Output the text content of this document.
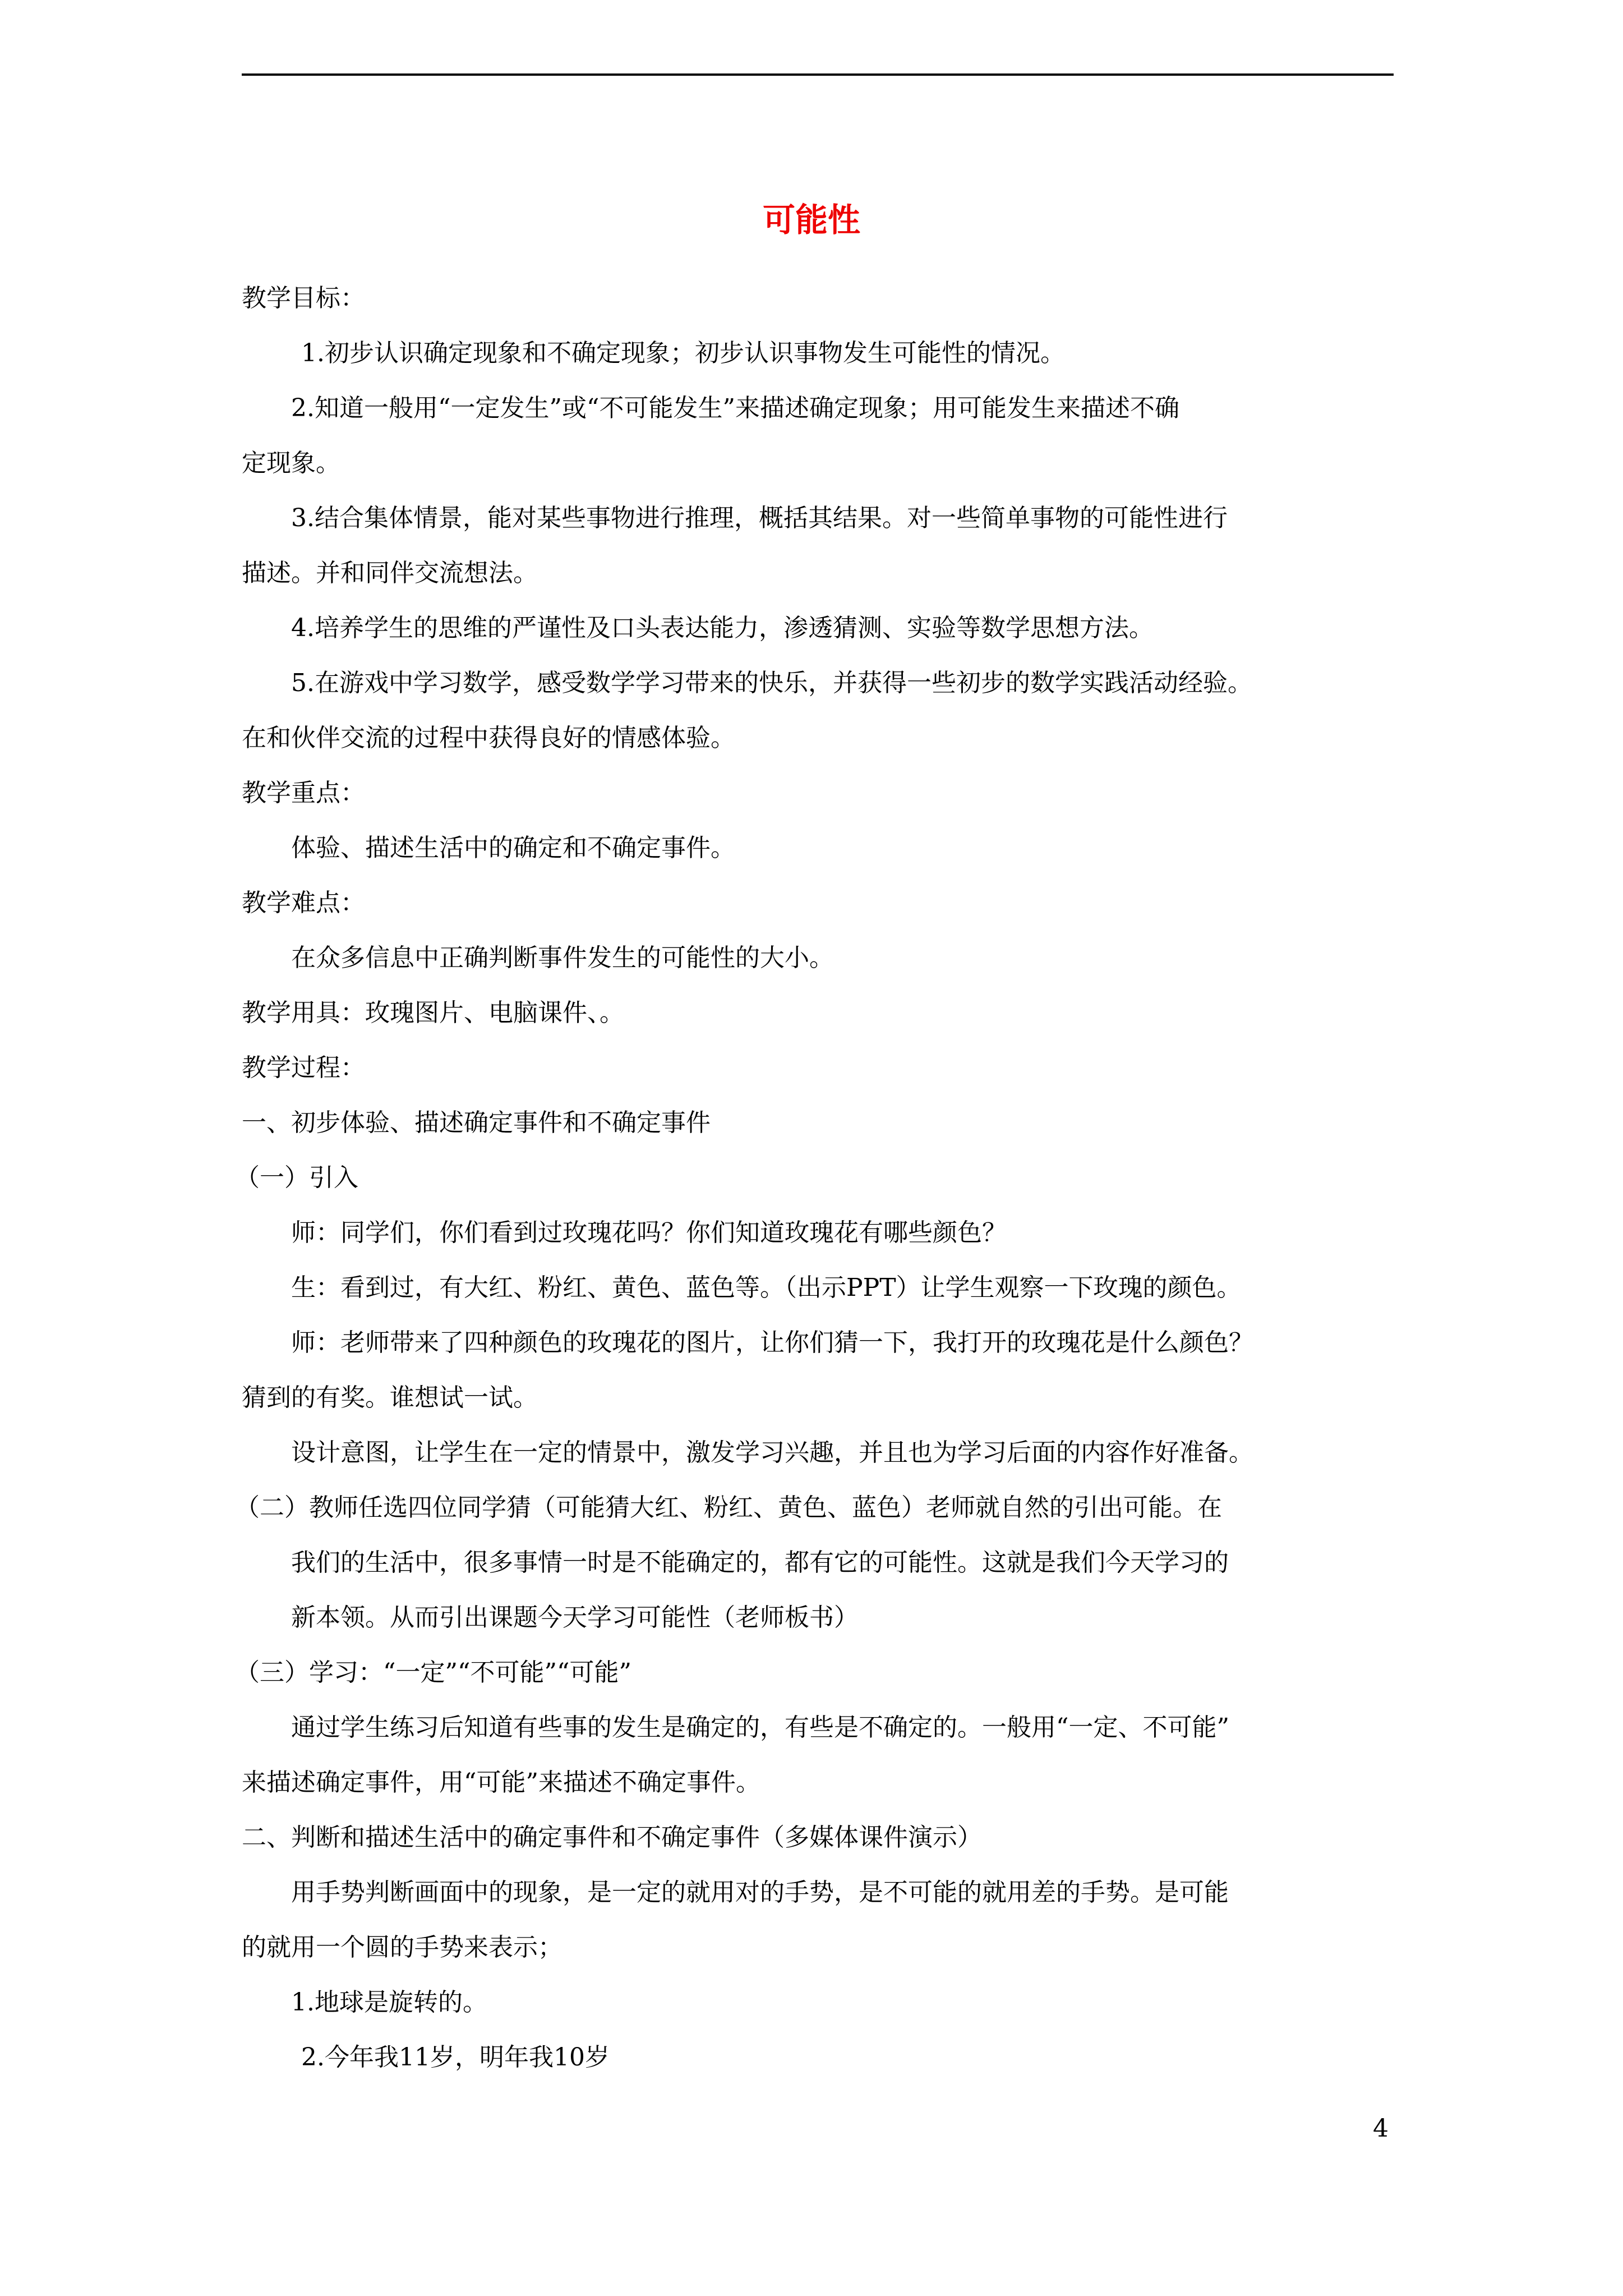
可能性
教学目标：
1.初步认识确定现象和不确定现象；初步认识事物发生可能性的情况。
2.知道一般用“一定发生”或“不可能发生”来描述确定现象；用可能发生来描述不确
定现象。
3.结合集体情景，能对某些事物进行推理，概括其结果。对一些简单事物的可能性进行
描述。并和同伴交流想法。
4.培养学生的思维的严谨性及口头表达能力，渗透猜测、实验等数学思想方法。
5.在游戏中学习数学，感受数学学习带来的快乐，并获得一些初步的数学实践活动经验。
在和伙伴交流的过程中获得良好的情感体验。
教学重点：
体验、描述生活中的确定和不确定事件。
教学难点：
在众多信息中正确判断事件发生的可能性的大小。
教学用具：玫瑰图片、电脑课件、。
教学过程：
一、初步体验、描述确定事件和不确定事件
（一）引入
师：同学们，你们看到过玫瑰花吗？你们知道玫瑰花有哪些颜色？
生：看到过，有大红、粉红、黄色、蓝色等。（出示PPT）让学生观察一下玫瑰的颜色。
师：老师带来了四种颜色的玫瑰花的图片，让你们猜一下，我打开的玫瑰花是什么颜色？
猜到的有奖。谁想试一试。
设计意图，让学生在一定的情景中，激发学习兴趣，并且也为学习后面的内容作好准备。
（二）教师任选四位同学猜（可能猜大红、粉红、黄色、蓝色）老师就自然的引出可能。在
我们的生活中，很多事情一时是不能确定的，都有它的可能性。这就是我们今天学习的
新本领。从而引出课题今天学习可能性（老师板书）
（三）学习：“一定”“不可能”“可能”
通过学生练习后知道有些事的发生是确定的，有些是不确定的。一般用“一定、不可能”
来描述确定事件，用“可能”来描述不确定事件。
二、判断和描述生活中的确定事件和不确定事件（多媒体课件演示）
用手势判断画面中的现象，是一定的就用对的手势，是不可能的就用差的手势。是可能
的就用一个圆的手势来表示；
1.地球是旋转的。
2.今年我11岁，明年我10岁
4
